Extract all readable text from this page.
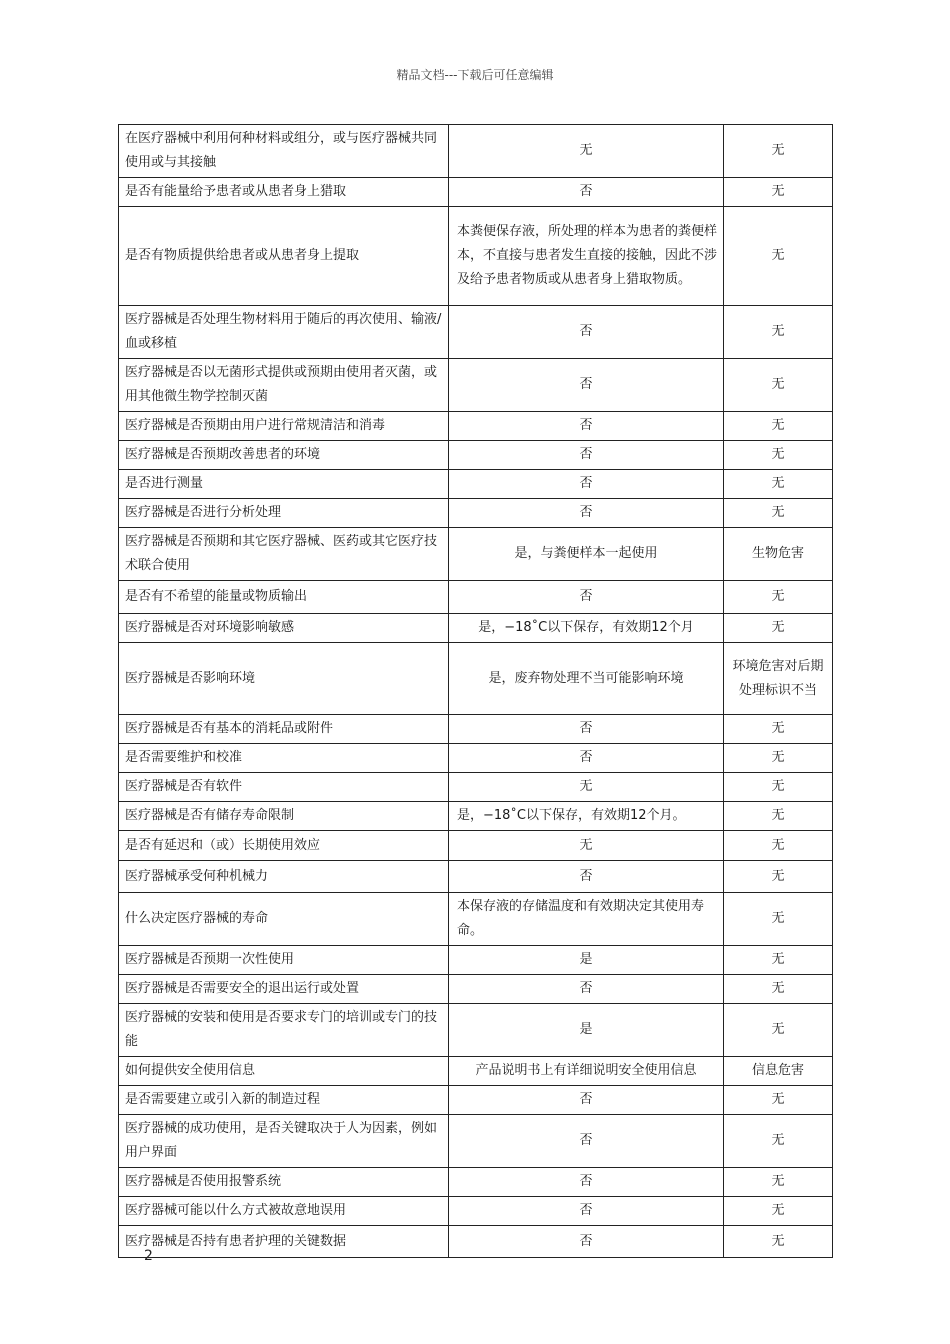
精品文档---下载后可任意编辑
在医疗器械中利用何种材料或组分，或与医疗器械共同使用或与其接触	无	无
是否有能量给予患者或从患者身上猎取	否	无
是否有物质提供给患者或从患者身上提取	本粪便保存液，所处理的样本为患者的粪便样本，不直接与患者发生直接的接触，因此不涉及给予患者物质或从患者身上猎取物质。	无
医疗器械是否处理生物材料用于随后的再次使用、输液/血或移植	否	无
医疗器械是否以无菌形式提供或预期由使用者灭菌，或用其他微生物学控制灭菌	否	无
医疗器械是否预期由用户进行常规清洁和消毒	否	无
医疗器械是否预期改善患者的环境	否	无
是否进行测量	否	无
医疗器械是否进行分析处理	否	无
医疗器械是否预期和其它医疗器械、医药或其它医疗技术联合使用	是，与粪便样本一起使用	生物危害
是否有不希望的能量或物质输出	否	无
医疗器械是否对环境影响敏感	是，−18˚C以下保存，有效期12个月	无
医疗器械是否影响环境	是，废弃物处理不当可能影响环境	环境危害对后期处理标识不当
医疗器械是否有基本的消耗品或附件	否	无
是否需要维护和校准	否	无
医疗器械是否有软件	无	无
医疗器械是否有储存寿命限制	是，−18˚C以下保存，有效期12个月。	无
是否有延迟和（或）长期使用效应	无	无
医疗器械承受何种机械力	否	无
什么决定医疗器械的寿命	本保存液的存储温度和有效期决定其使用寿命。	无
医疗器械是否预期一次性使用	是	无
医疗器械是否需要安全的退出运行或处置	否	无
医疗器械的安装和使用是否要求专门的培训或专门的技能	是	无
如何提供安全使用信息	产品说明书上有详细说明安全使用信息	信息危害
是否需要建立或引入新的制造过程	否	无
医疗器械的成功使用，是否关键取决于人为因素，例如用户界面	否	无
医疗器械是否使用报警系统	否	无
医疗器械可能以什么方式被故意地误用	否	无
医疗器械是否持有患者护理的关键数据	否	无
2
